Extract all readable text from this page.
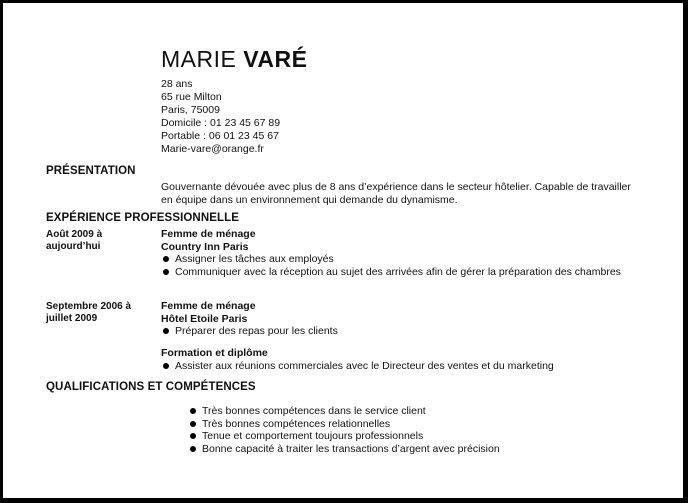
MARIE VARÉ
28 ans
65 rue Milton
Paris, 75009
Domicile : 01 23 45 67 89
Portable : 06 01 23 45 67
Marie-vare@orange.fr
PRÉSENTATION
Gouvernante dévouée avec plus de 8 ans d’expérience dans le secteur hôtelier. Capable de travailler en équipe dans un environnement qui demande du dynamisme.
EXPÉRIENCE PROFESSIONNELLE
Août 2009 à aujourd’hui
Femme de ménage
Country Inn Paris
Assigner les tâches aux employés
Communiquer avec la réception au sujet des arrivées afin de gérer la préparation des chambres
Septembre 2006 à juillet 2009
Femme de ménage
Hôtel Etoile Paris
Préparer des repas pour les clients
Formation et diplôme
Assister aux réunions commerciales avec le Directeur des ventes et du marketing
QUALIFICATIONS ET COMPÉTENCES
Très bonnes compétences dans le service client
Très bonnes compétences relationnelles
Tenue et comportement toujours professionnels
Bonne capacité à traiter les transactions d’argent avec précision
